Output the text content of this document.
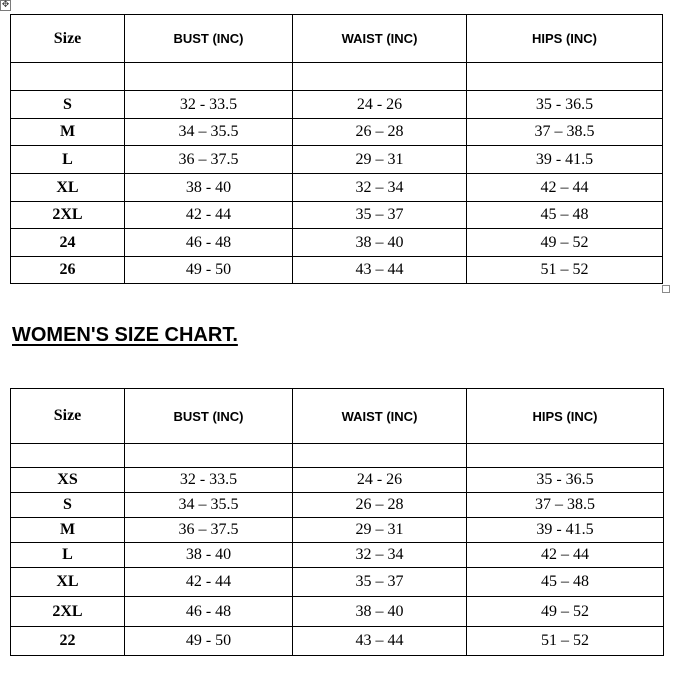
✥
Size	BUST (INC)	WAIST (INC)	HIPS (INC)

S	32 - 33.5	24 - 26	35 - 36.5
M	34 – 35.5	26 – 28	37 – 38.5
L	36 – 37.5	29 – 31	39 - 41.5
XL	38 - 40	32 – 34	42 – 44
2XL	42 - 44	35 – 37	45 – 48
24	46 - 48	38 – 40	49 – 52
26	49 - 50	43 – 44	51 – 52
WOMEN'S SIZE CHART.
Size	BUST (INC)	WAIST (INC)	HIPS (INC)

XS	32 - 33.5	24 - 26	35 - 36.5
S	34 – 35.5	26 – 28	37 – 38.5
M	36 – 37.5	29 – 31	39 - 41.5
L	38 - 40	32 – 34	42 – 44
XL	42 - 44	35 – 37	45 – 48
2XL	46 - 48	38 – 40	49 – 52
22	49 - 50	43 – 44	51 – 52
